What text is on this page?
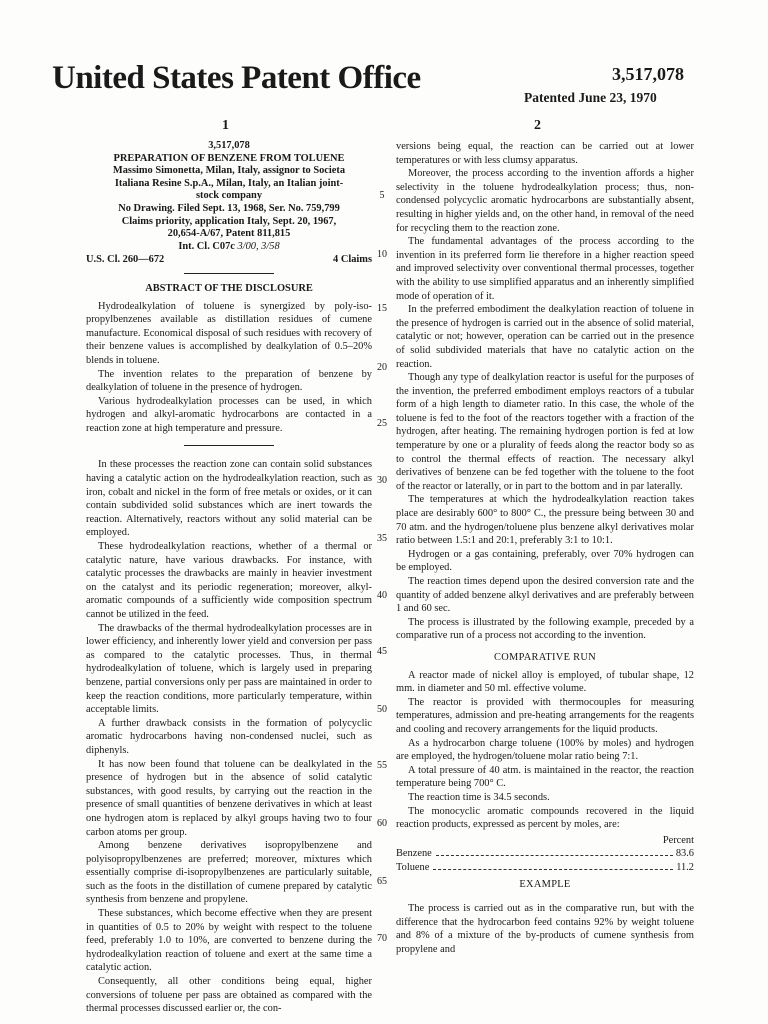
United States Patent Office	3,517,078
Patented June 23, 1970
1	2
3,517,078
PREPARATION OF BENZENE FROM TOLUENE
Massimo Simonetta, Milan, Italy, assignor to Societa
Italiana Resine S.p.A., Milan, Italy, an Italian joint-
stock company
No Drawing. Filed Sept. 13, 1968, Ser. No. 759,799
Claims priority, application Italy, Sept. 20, 1967,
20,654-A/67, Patent 811,815
Int. Cl. C07c 3/00, 3/58
U.S. Cl. 260—672	4 Claims
ABSTRACT OF THE DISCLOSURE

Hydrodealkylation of toluene is synergized by poly-iso-propylbenzenes available as distillation residues of cumene manufacture. Economical disposal of such residues with recovery of their benzene values is accomplished by dealkylation of 0.5–20% blends in toluene.

The invention relates to the preparation of benzene by dealkylation of toluene in the presence of hydrogen.

Various hydrodealkylation processes can be used, in which hydrogen and alkyl-aromatic hydrocarbons are contacted in a reaction zone at high temperature and pressure.

In these processes the reaction zone can contain solid substances having a catalytic action on the hydrodealkylation reaction, such as iron, cobalt and nickel in the form of free metals or oxides, or it can contain subdivided solid substances which are inert towards the reaction. Alternatively, reactors without any solid material can be employed.

These hydrodealkylation reactions, whether of a thermal or catalytic nature, have various drawbacks. For instance, with catalytic processes the drawbacks are mainly in heavier investment on the catalyst and its periodic regeneration; moreover, alkyl-aromatic compounds of a sufficiently wide composition spectrum cannot be utilized in the feed.

The drawbacks of the thermal hydrodealkylation processes are in lower efficiency, and inherently lower yield and conversion per pass as compared to the catalytic processes. Thus, in thermal hydrodealkylation of toluene, which is largely used in preparing benzene, partial conversions only per pass are maintained in order to keep the reaction conditions, more particularly temperature, within acceptable limits.

A further drawback consists in the formation of polycyclic aromatic hydrocarbons having non-condensed nuclei, such as diphenyls.

It has now been found that toluene can be dealkylated in the presence of hydrogen but in the absence of solid catalytic substances, with good results, by carrying out the reaction in the presence of small quantities of benzene derivatives in which at least one hydrogen atom is replaced by alkyl groups having two to four carbon atoms per group.

Among benzene derivatives isopropylbenzene and polyisopropylbenzenes are preferred; moreover, mixtures which essentially comprise di-isopropylbenzenes are particularly suitable, such as the foots in the distillation of cumene prepared by catalytic synthesis from benzene and propylene.

These substances, which become effective when they are present in quantities of 0.5 to 20% by weight with respect to the toluene feed, preferably 1.0 to 10%, are converted to benzene during the hydrodealkylation reaction of toluene and exert at the same time a catalytic action.

Consequently, all other conditions being equal, higher conversions of toluene per pass are obtained as compared with the thermal processes discussed earlier or, the con-

5
10
15
20
25
30
35
40
45
50
55
60
65
70

versions being equal, the reaction can be carried out at lower temperatures or with less clumsy apparatus.

Moreover, the process according to the invention affords a higher selectivity in the toluene hydrodealkylation process; thus, non-condensed polycyclic aromatic hydrocarbons are substantially absent, resulting in higher yields and, on the other hand, in removal of the need for recycling them to the reaction zone.

The fundamental advantages of the process according to the invention in its preferred form lie therefore in a higher reaction speed and improved selectivity over conventional thermal processes, together with the ability to use simplified apparatus and an inherently simplified mode of operation of it.

In the preferred embodiment the dealkylation reaction of toluene in the presence of hydrogen is carried out in the absence of solid material, catalytic or not; however, operation can be carried out in the presence of solid subdivided materials that have no catalytic action on the reaction.

Though any type of dealkylation reactor is useful for the purposes of the invention, the preferred embodiment employs reactors of a tubular form of a high length to diameter ratio. In this case, the whole of the toluene is fed to the foot of the reactors together with a fraction of the hydrogen, after heating. The remaining hydrogen portion is fed at low temperature by one or a plurality of feeds along the reactor body so as to control the thermal effects of reaction. The necessary alkyl derivatives of benzene can be fed together with the toluene to the foot of the reactor or laterally, or in part to the bottom and in par laterally.

The temperatures at which the hydrodealkylation reaction takes place are desirably 600° to 800° C., the pressure being between 30 and 70 atm. and the hydrogen/toluene plus benzene alkyl derivatives molar ratio between 1.5:1 and 20:1, preferably 3:1 to 10:1.

Hydrogen or a gas containing, preferably, over 70% hydrogen can be employed.

The reaction times depend upon the desired conversion rate and the quantity of added benzene alkyl derivatives and are preferably between 1 and 60 sec.

The process is illustrated by the following example, preceded by a comparative run of a process not according to the invention.

COMPARATIVE RUN

A reactor made of nickel alloy is employed, of tubular shape, 12 mm. in diameter and 50 ml. effective volume.

The reactor is provided with thermocouples for measuring temperatures, admission and pre-heating arrangements for the reagents and cooling and recovery arrangements for the liquid products.

As a hydrocarbon charge toluene (100% by moles) and hydrogen are employed, the hydrogen/toluene molar ratio being 7:1.

A total pressure of 40 atm. is maintained in the reactor, the reaction temperature being 700° C.

The reaction time is 34.5 seconds.

The monocyclic aromatic compounds recovered in the liquid reaction products, expressed as percent by moles, are:

Percent
Benzene	83.6
Toluene	11.2
EXAMPLE

The process is carried out as in the comparative run, but with the difference that the hydrocarbon feed contains 92% by weight toluene and 8% of a mixture of the by-products of cumene synthesis from propylene and
